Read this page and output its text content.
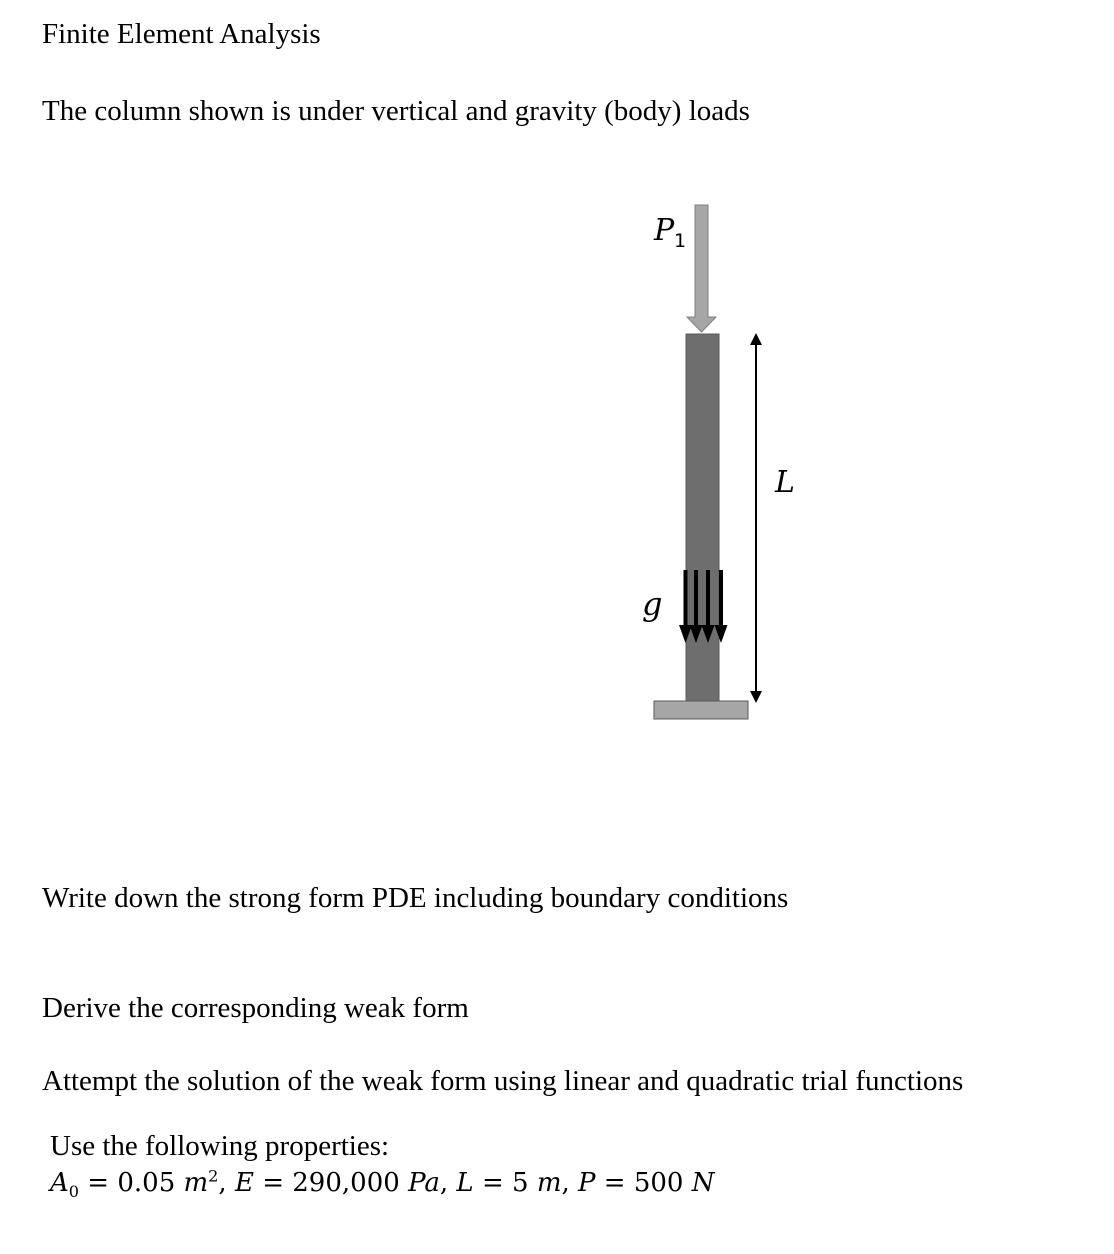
Finite Element Analysis
The column shown is under vertical and gravity (body) loads
P 1
g
L
Write down the strong form PDE including boundary conditions
Derive the corresponding weak form
Attempt the solution of the weak form using linear and quadratic trial functions
Use the following properties:
$A_0 = 0.05$ $m^2$, E = 290,000 Pa, L = 5 m, P = 500 N
